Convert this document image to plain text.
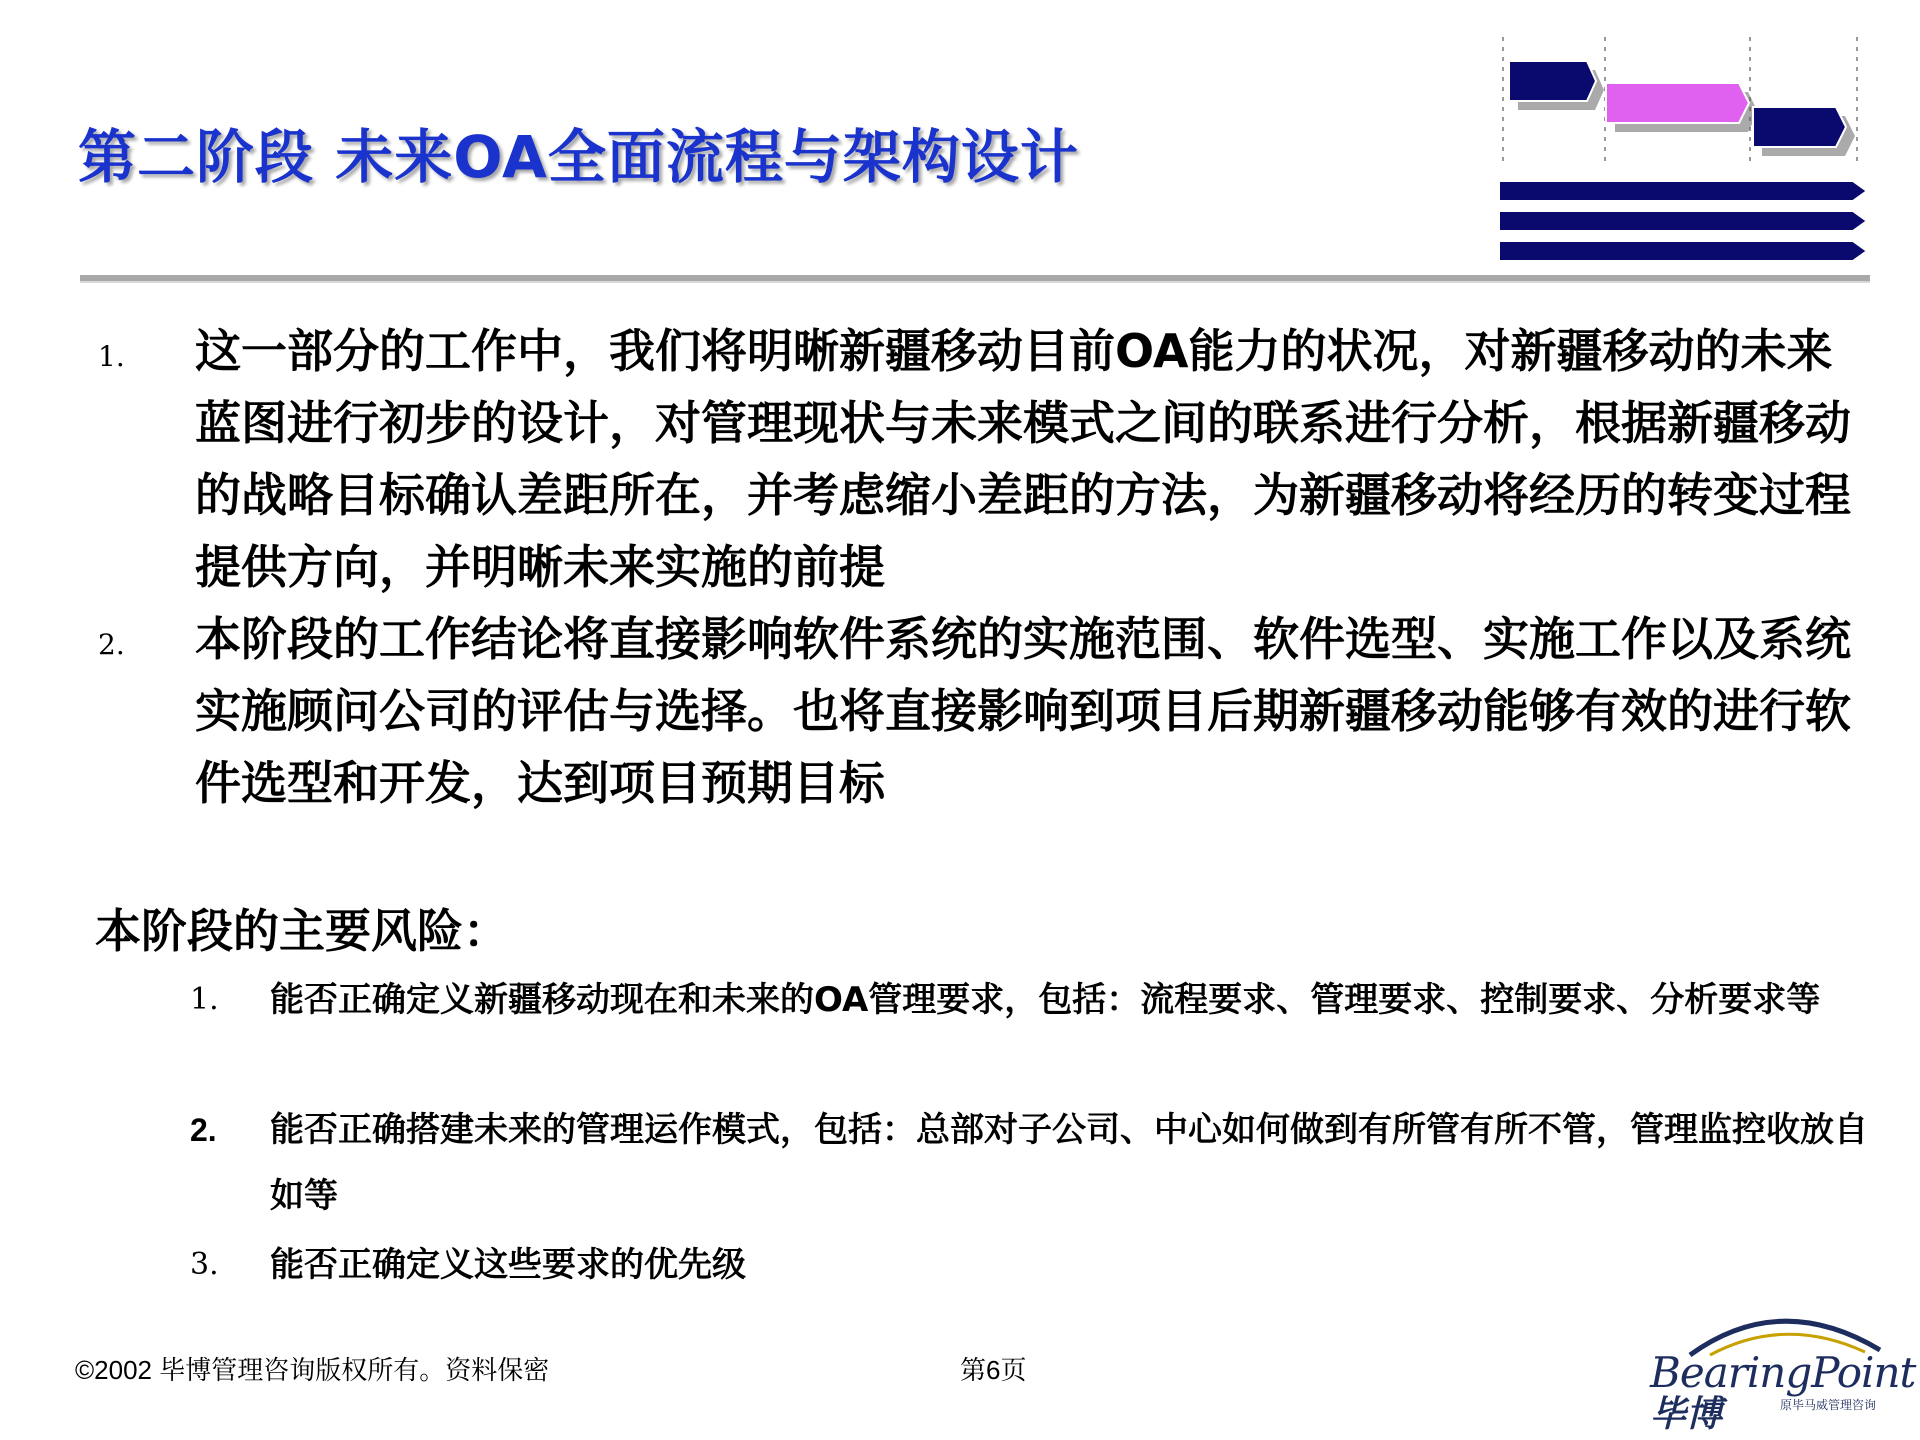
第二阶段 未来OA全面流程与架构设计
1. 这一部分的工作中，我们将明晰新疆移动目前OA能力的状况，对新疆移动的未来蓝图进行初步的设计，对管理现状与未来模式之间的联系进行分析，根据新疆移动的战略目标确认差距所在，并考虑缩小差距的方法，为新疆移动将经历的转变过程提供方向，并明晰未来实施的前提
2. 本阶段的工作结论将直接影响软件系统的实施范围、软件选型、实施工作以及系统实施顾问公司的评估与选择。也将直接影响到项目后期新疆移动能够有效的进行软件选型和开发，达到项目预期目标
本阶段的主要风险：
1. 能否正确定义新疆移动现在和未来的OA管理要求，包括：流程要求、管理要求、控制要求、分析要求等
2. 能否正确搭建未来的管理运作模式，包括：总部对子公司、中心如何做到有所管有所不管，管理监控收放自如等
3. 能否正确定义这些要求的优先级
©2002 毕博管理咨询版权所有。资料保密	第6页	BearingPoint
毕博	原毕马威管理咨询
